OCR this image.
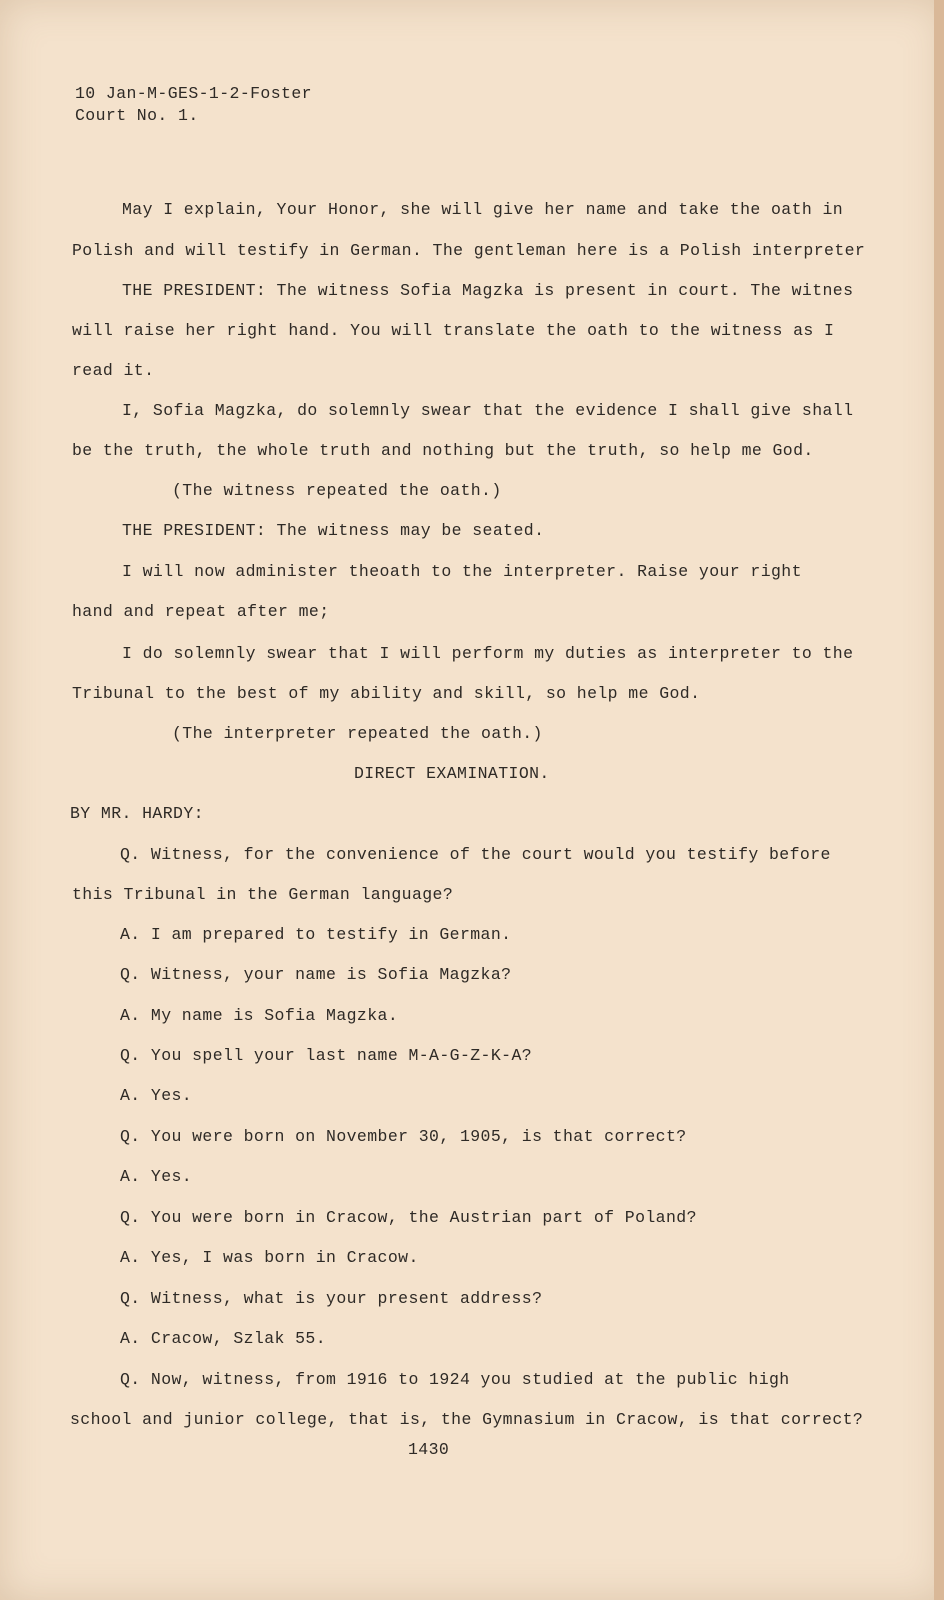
10 Jan-M-GES-1-2-Foster
Court No. 1.
May I explain, Your Honor, she will give her name and take the oath in
Polish and will testify in German. The gentleman here is a Polish interpreter
THE PRESIDENT: The witness Sofia Magzka is present in court. The witnes
will raise her right hand. You will translate the oath to the witness as I
read it.
I, Sofia Magzka, do solemnly swear that the evidence I shall give shall
be the truth, the whole truth and nothing but the truth, so help me God.
(The witness repeated the oath.)
THE PRESIDENT: The witness may be seated.
I will now administer theoath to the interpreter. Raise your right
hand and repeat after me;
I do solemnly swear that I will perform my duties as interpreter to the
Tribunal to the best of my ability and skill, so help me God.
(The interpreter repeated the oath.)
DIRECT EXAMINATION.
BY MR. HARDY:
Q. Witness, for the convenience of the court would you testify before
this Tribunal in the German language?
A. I am prepared to testify in German.
Q. Witness, your name is Sofia Magzka?
A. My name is Sofia Magzka.
Q. You spell your last name M-A-G-Z-K-A?
A. Yes.
Q. You were born on November 30, 1905, is that correct?
A. Yes.
Q. You were born in Cracow, the Austrian part of Poland?
A. Yes, I was born in Cracow.
Q. Witness, what is your present address?
A. Cracow, Szlak 55.
Q. Now, witness, from 1916 to 1924 you studied at the public high
school and junior college, that is, the Gymnasium in Cracow, is that correct?
1430
